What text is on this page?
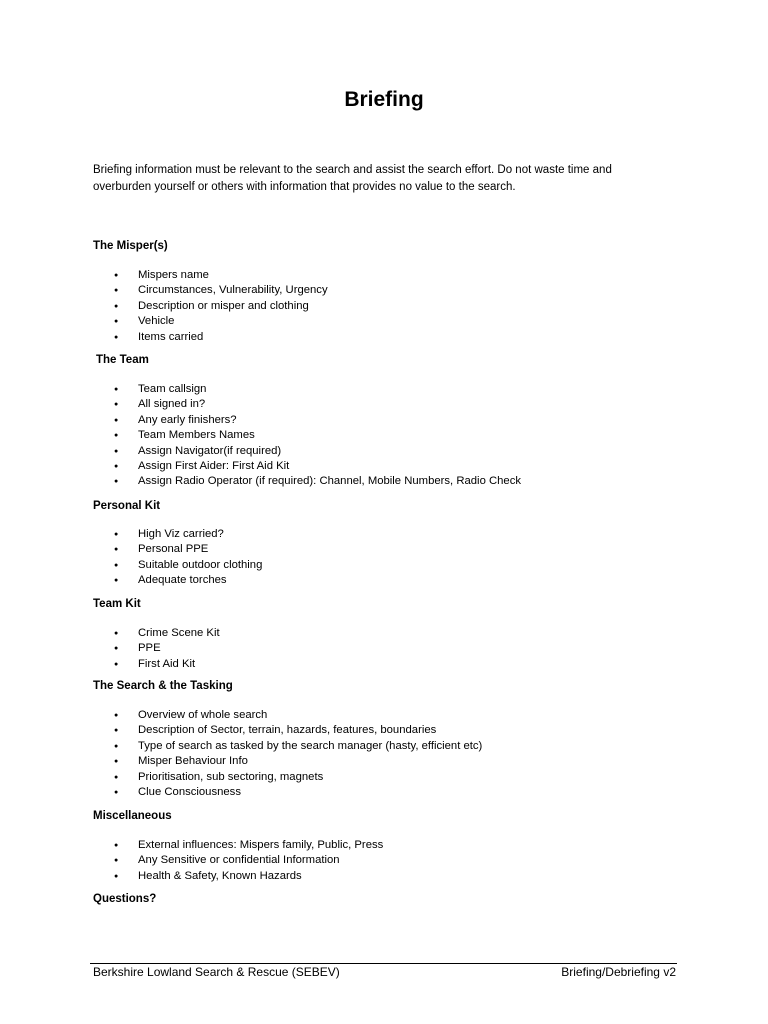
Briefing
Briefing information must be relevant to the search and assist the search effort. Do not waste time and overburden yourself or others with information that provides no value to the search.
The Misper(s)
● Mispers name
● Circumstances, Vulnerability, Urgency
● Description or misper and clothing
● Vehicle
● Items carried
The Team
● Team callsign
● All signed in?
● Any early finishers?
● Team Members Names
● Assign Navigator(if required)
● Assign First Aider: First Aid Kit
● Assign Radio Operator (if required): Channel, Mobile Numbers, Radio Check
Personal Kit
● High Viz carried?
● Personal PPE
● Suitable outdoor clothing
● Adequate torches
Team Kit
● Crime Scene Kit
● PPE
● First Aid Kit
The Search & the Tasking
● Overview of whole search
● Description of Sector, terrain, hazards, features, boundaries
● Type of search as tasked by the search manager (hasty, efficient etc)
● Misper Behaviour Info
● Prioritisation, sub sectoring, magnets
● Clue Consciousness
Miscellaneous
● External influences: Mispers family, Public, Press
● Any Sensitive or confidential Information
● Health & Safety, Known Hazards
Questions?
Berkshire Lowland Search & Rescue (SEBEV)	Briefing/Debriefing v2
